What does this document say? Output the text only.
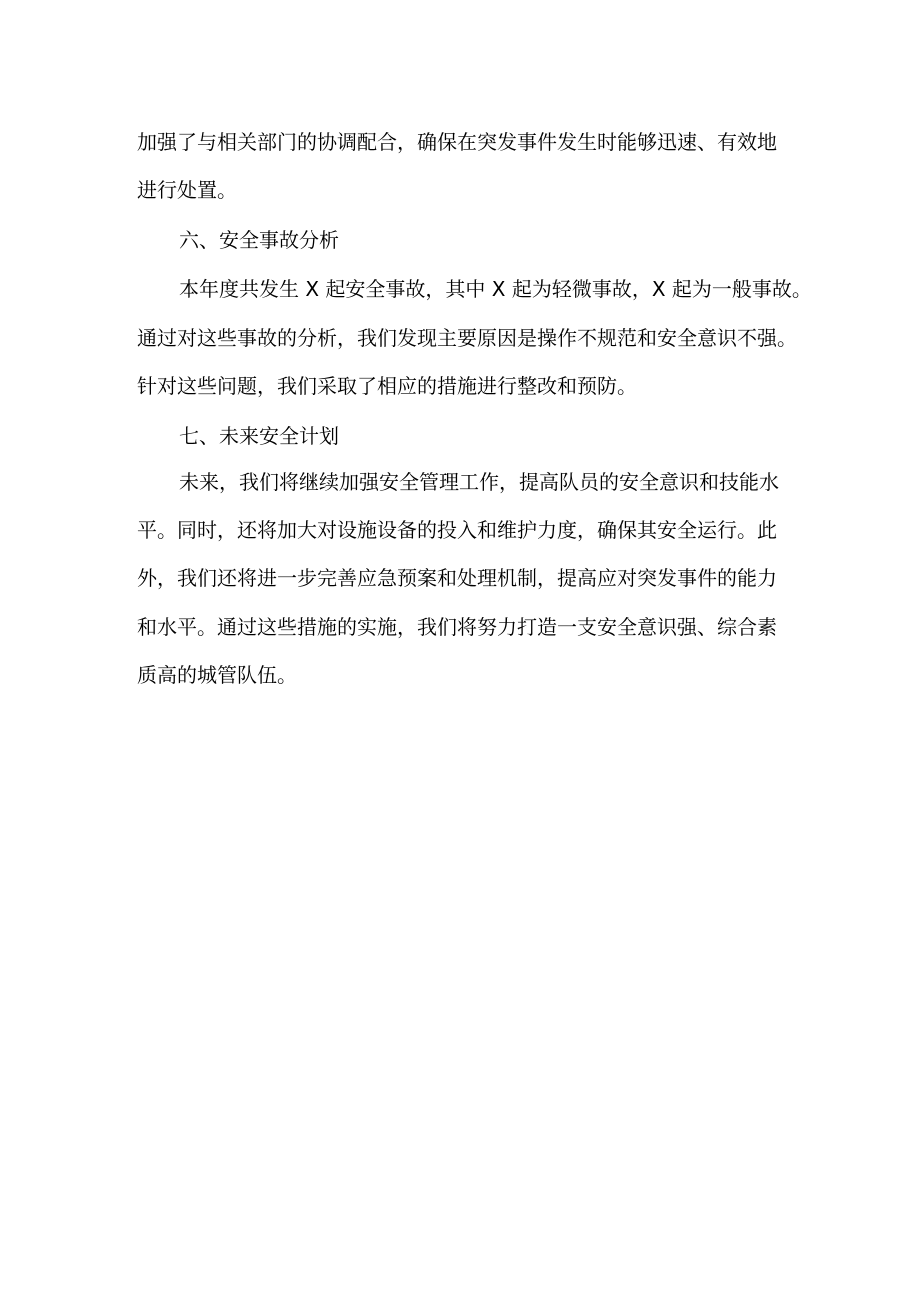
加强了与相关部门的协调配合，确保在突发事件发生时能够迅速、有效地
进行处置。
六、安全事故分析
本年度共发生 X 起安全事故，其中 X 起为轻微事故，X 起为一般事故。
通过对这些事故的分析，我们发现主要原因是操作不规范和安全意识不强。
针对这些问题，我们采取了相应的措施进行整改和预防。
七、未来安全计划
未来，我们将继续加强安全管理工作，提高队员的安全意识和技能水
平。同时，还将加大对设施设备的投入和维护力度，确保其安全运行。此
外，我们还将进一步完善应急预案和处理机制，提高应对突发事件的能力
和水平。通过这些措施的实施，我们将努力打造一支安全意识强、综合素
质高的城管队伍。
